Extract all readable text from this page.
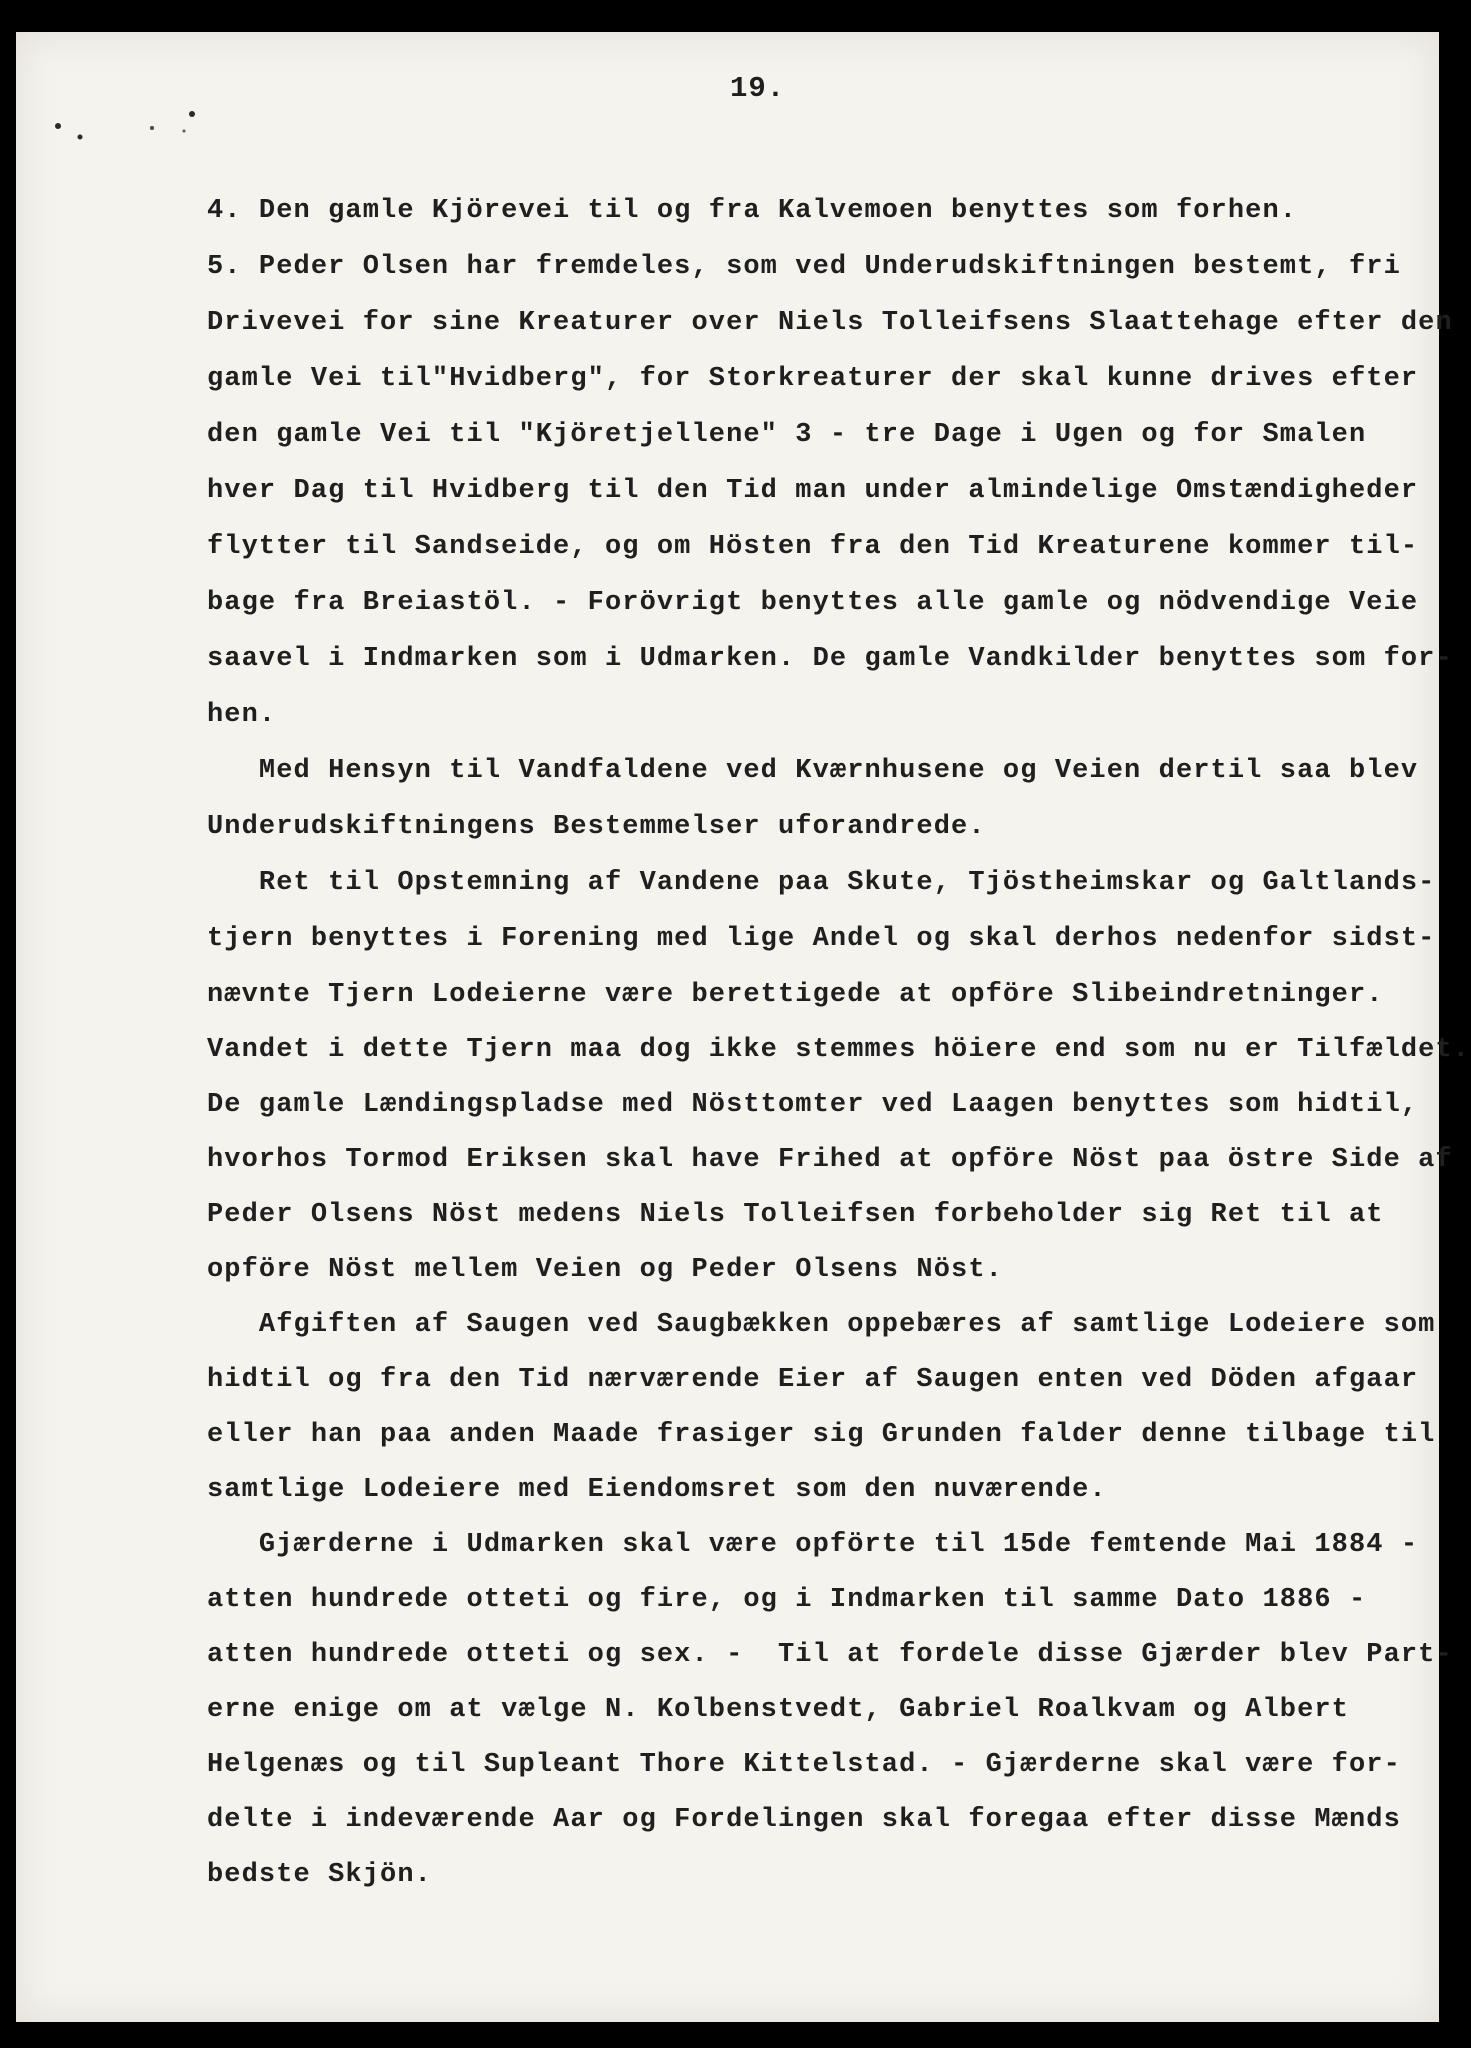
19.
4. Den gamle Kjörevei til og fra Kalvemoen benyttes som forhen.
5. Peder Olsen har fremdeles, som ved Underudskiftningen bestemt, fri
Drivevei for sine Kreaturer over Niels Tolleifsens Slaattehage efter den
gamle Vei til"Hvidberg", for Storkreaturer der skal kunne drives efter
den gamle Vei til "Kjöretjellene" 3 - tre Dage i Ugen og for Smalen
hver Dag til Hvidberg til den Tid man under almindelige Omstændigheder
flytter til Sandseide, og om Hösten fra den Tid Kreaturene kommer til-
bage fra Breiastöl. - Forövrigt benyttes alle gamle og nödvendige Veie
saavel i Indmarken som i Udmarken. De gamle Vandkilder benyttes som for-
hen.
Med Hensyn til Vandfaldene ved Kværnhusene og Veien dertil saa blev
Underudskiftningens Bestemmelser uforandrede.
Ret til Opstemning af Vandene paa Skute, Tjöstheimskar og Galtlands-
tjern benyttes i Forening med lige Andel og skal derhos nedenfor sidst-
nævnte Tjern Lodeierne være berettigede at opföre Slibeindretninger.
Vandet i dette Tjern maa dog ikke stemmes höiere end som nu er Tilfældet.
De gamle Lændingspladse med Nösttomter ved Laagen benyttes som hidtil,
hvorhos Tormod Eriksen skal have Frihed at opföre Nöst paa östre Side af
Peder Olsens Nöst medens Niels Tolleifsen forbeholder sig Ret til at
opföre Nöst mellem Veien og Peder Olsens Nöst.
Afgiften af Saugen ved Saugbækken oppebæres af samtlige Lodeiere som
hidtil og fra den Tid nærværende Eier af Saugen enten ved Döden afgaar
eller han paa anden Maade frasiger sig Grunden falder denne tilbage til
samtlige Lodeiere med Eiendomsret som den nuværende.
Gjærderne i Udmarken skal være opförte til 15de femtende Mai 1884 -
atten hundrede otteti og fire, og i Indmarken til samme Dato 1886 -
atten hundrede otteti og sex. -  Til at fordele disse Gjærder blev Part-
erne enige om at vælge N. Kolbenstvedt, Gabriel Roalkvam og Albert
Helgenæs og til Supleant Thore Kittelstad. - Gjærderne skal være for-
delte i indeværende Aar og Fordelingen skal foregaa efter disse Mænds
bedste Skjön.
